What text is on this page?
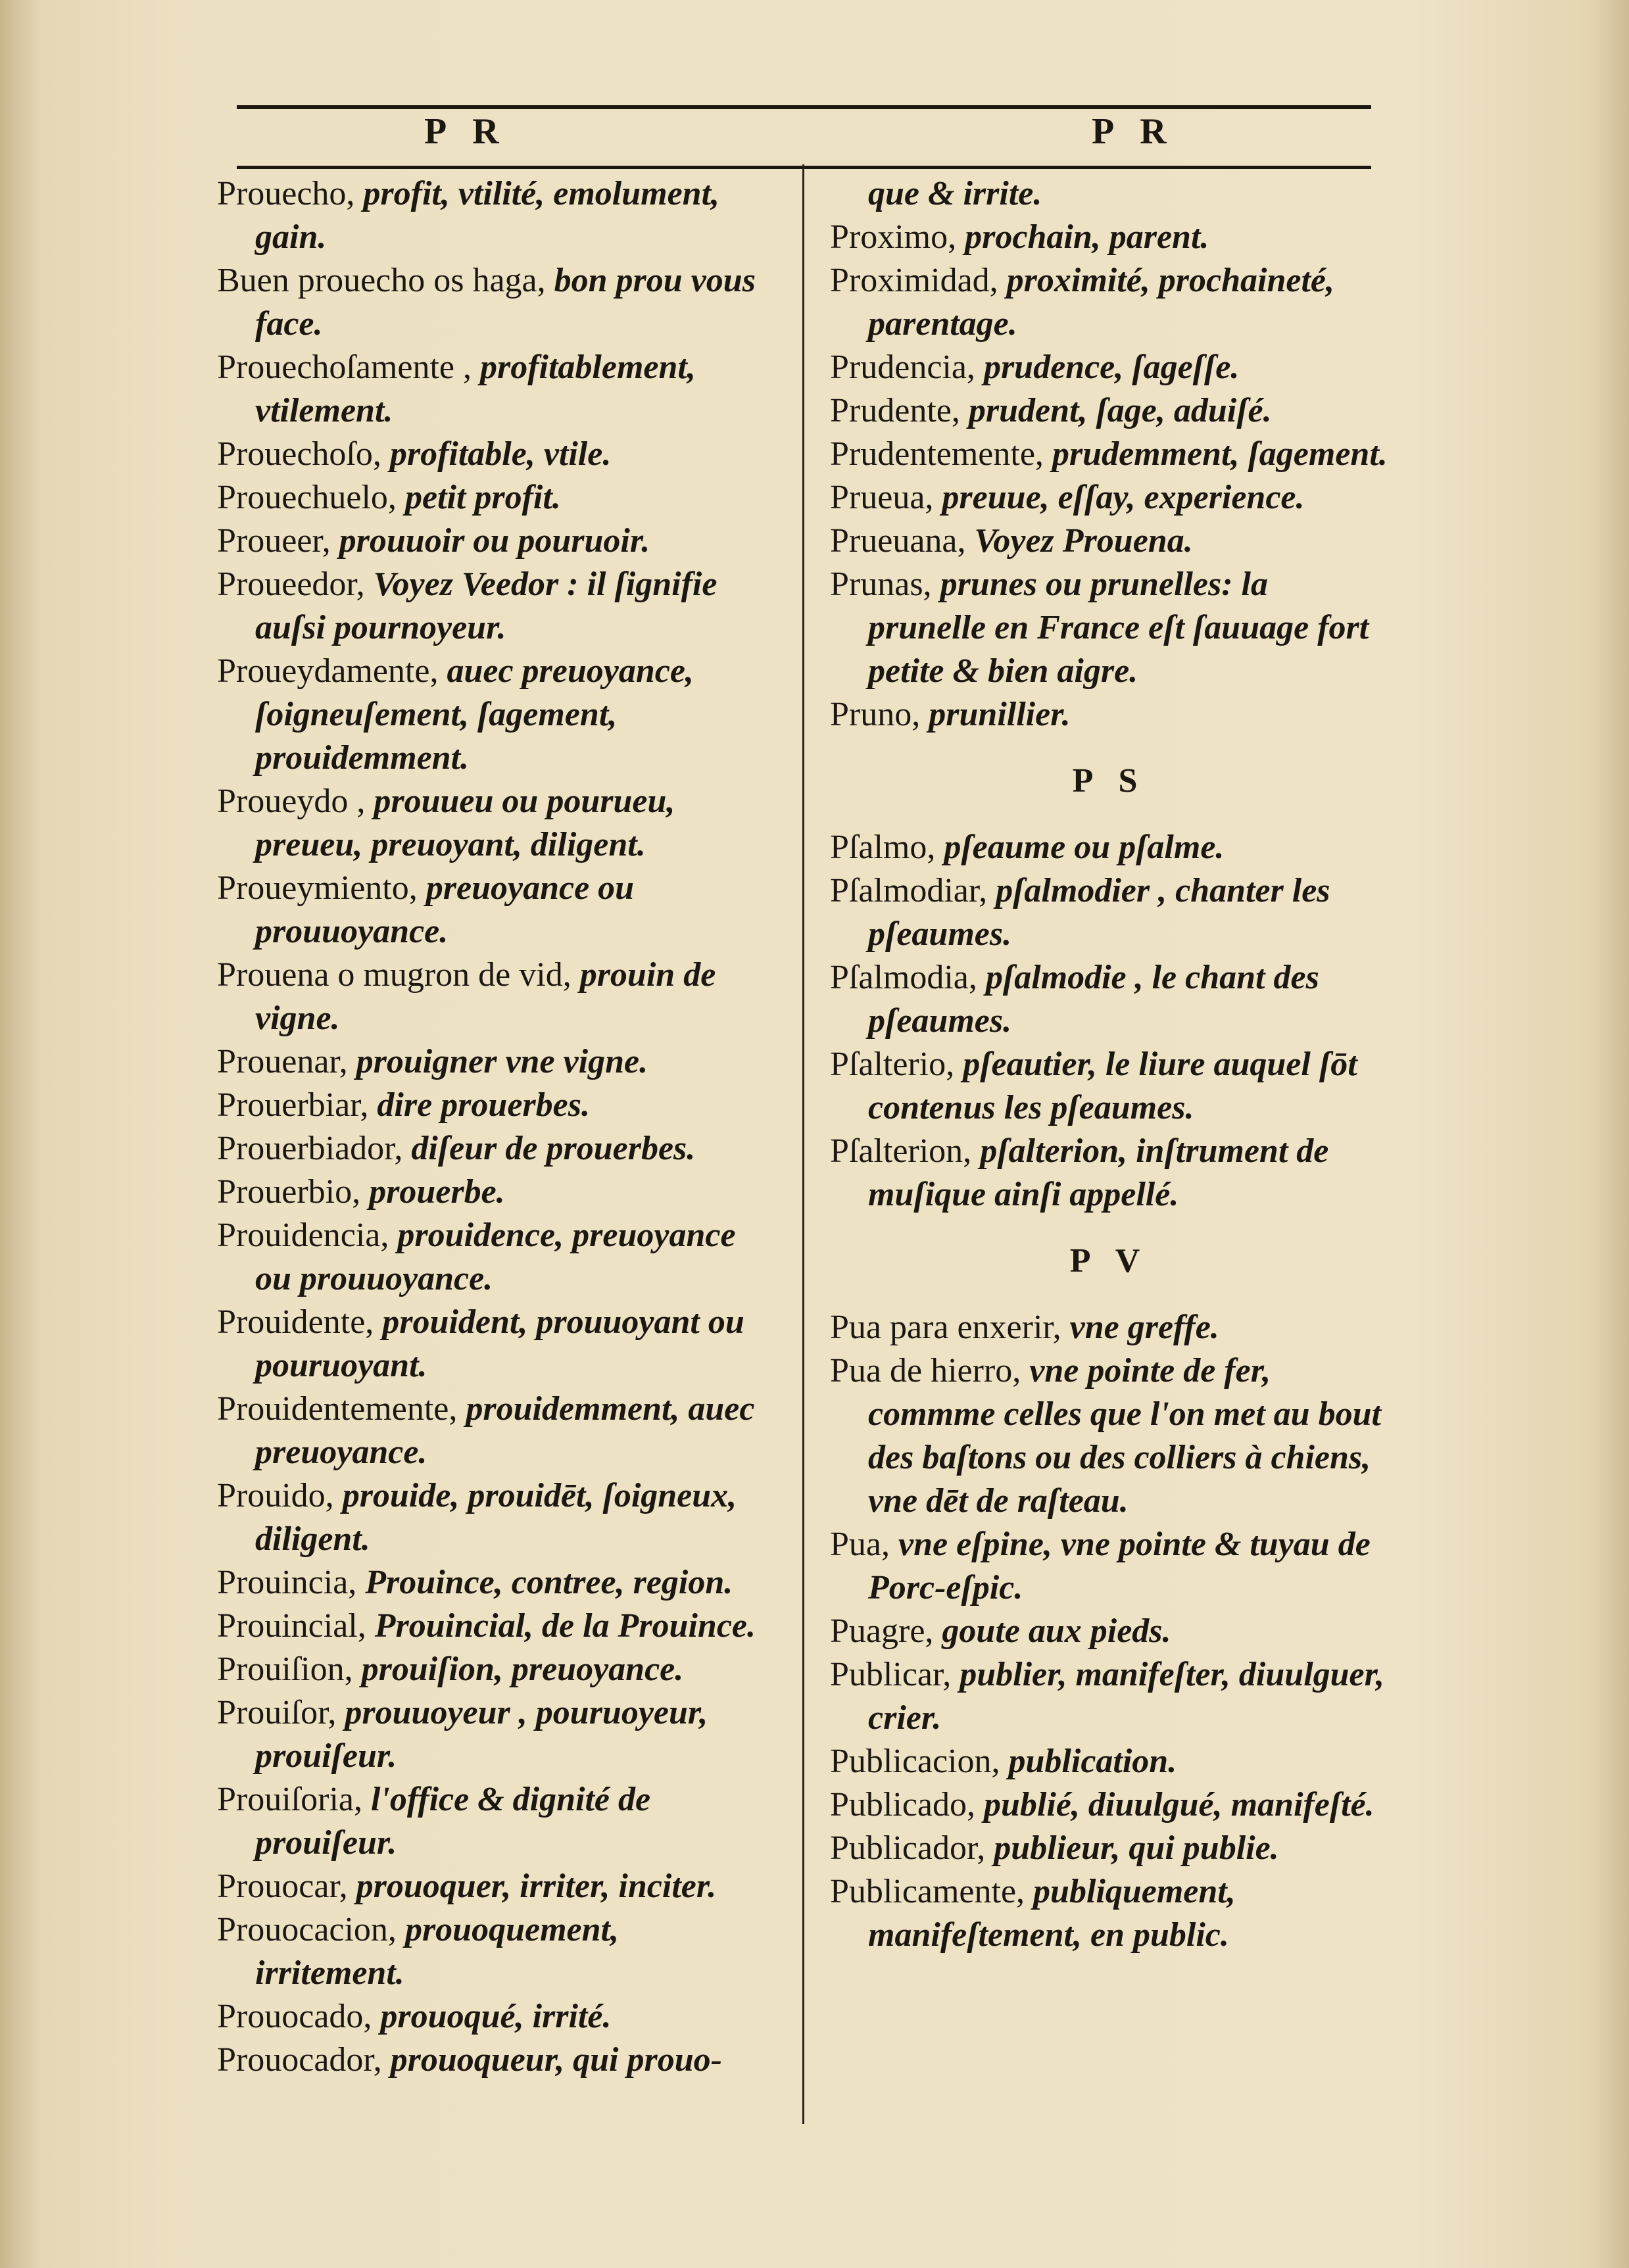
P R	P R

Prouecho, profit, vtilité, emolument, gain.

Buen prouecho os haga, bon prou vous face.

Prouechoſamente , profitablement, vtilement.

Prouechoſo, profitable, vtile.

Prouechuelo, petit profit.

Proueer, prouuoir ou pouruoir.

Proueedor, Voyez Veedor : il ſignifie auſsi pournoyeur.

Proueydamente, auec preuoyance, ſoigneuſement, ſagement, prouidemment.

Proueydo , prouueu ou pourueu, preueu, preuoyant, diligent.

Proueymiento, preuoyance ou prouuoyance.

Prouena o mugron de vid, prouin de vigne.

Prouenar, prouigner vne vigne.

Prouerbiar, dire prouerbes.

Prouerbiador, diſeur de prouerbes.

Prouerbio, prouerbe.

Prouidencia, prouidence, preuoyance ou prouuoyance.

Prouidente, prouident, prouuoyant ou pouruoyant.

Prouidentemente, prouidemment, auec preuoyance.

Prouido, prouide, prouidēt, ſoigneux, diligent.

Prouincia, Prouince, contree, region.

Prouincial, Prouincial, de la Prouince.

Prouiſion, prouiſion, preuoyance.

Prouiſor, prouuoyeur , pouruoyeur, prouiſeur.

Prouiſoria, l'office & dignité de prouiſeur.

Prouocar, prouoquer, irriter, inciter.

Prouocacion, prouoquement, irritement.

Prouocado, prouoqué, irrité.

Prouocador, prouoqueur, qui prouo-

que & irrite.

Proximo, prochain, parent.

Proximidad, proximité, prochaineté, parentage.

Prudencia, prudence, ſageſſe.

Prudente, prudent, ſage, aduiſé.

Prudentemente, prudemment, ſagement.

Prueua, preuue, eſſay, experience.

Prueuana, Voyez Prouena.

Prunas, prunes ou prunelles: la prunelle en France eſt ſauuage fort petite & bien aigre.

Pruno, prunillier.

P S

Pſalmo, pſeaume ou pſalme.

Pſalmodiar, pſalmodier , chanter les pſeaumes.

Pſalmodia, pſalmodie , le chant des pſeaumes.

Pſalterio, pſeautier, le liure auquel ſōt contenus les pſeaumes.

Pſalterion, pſalterion, inſtrument de muſique ainſi appellé.

P V

Pua para enxerir, vne greffe.

Pua de hierro, vne pointe de fer, commme celles que l'on met au bout des baſtons ou des colliers à chiens, vne dēt de raſteau.

Pua, vne eſpine, vne pointe & tuyau de Porc-eſpic.

Puagre, goute aux pieds.

Publicar, publier, manifeſter, diuulguer, crier.

Publicacion, publication.

Publicado, publié, diuulgué, manifeſté.

Publicador, publieur, qui publie.

Publicamente, publiquement, manifeſtement, en public.
